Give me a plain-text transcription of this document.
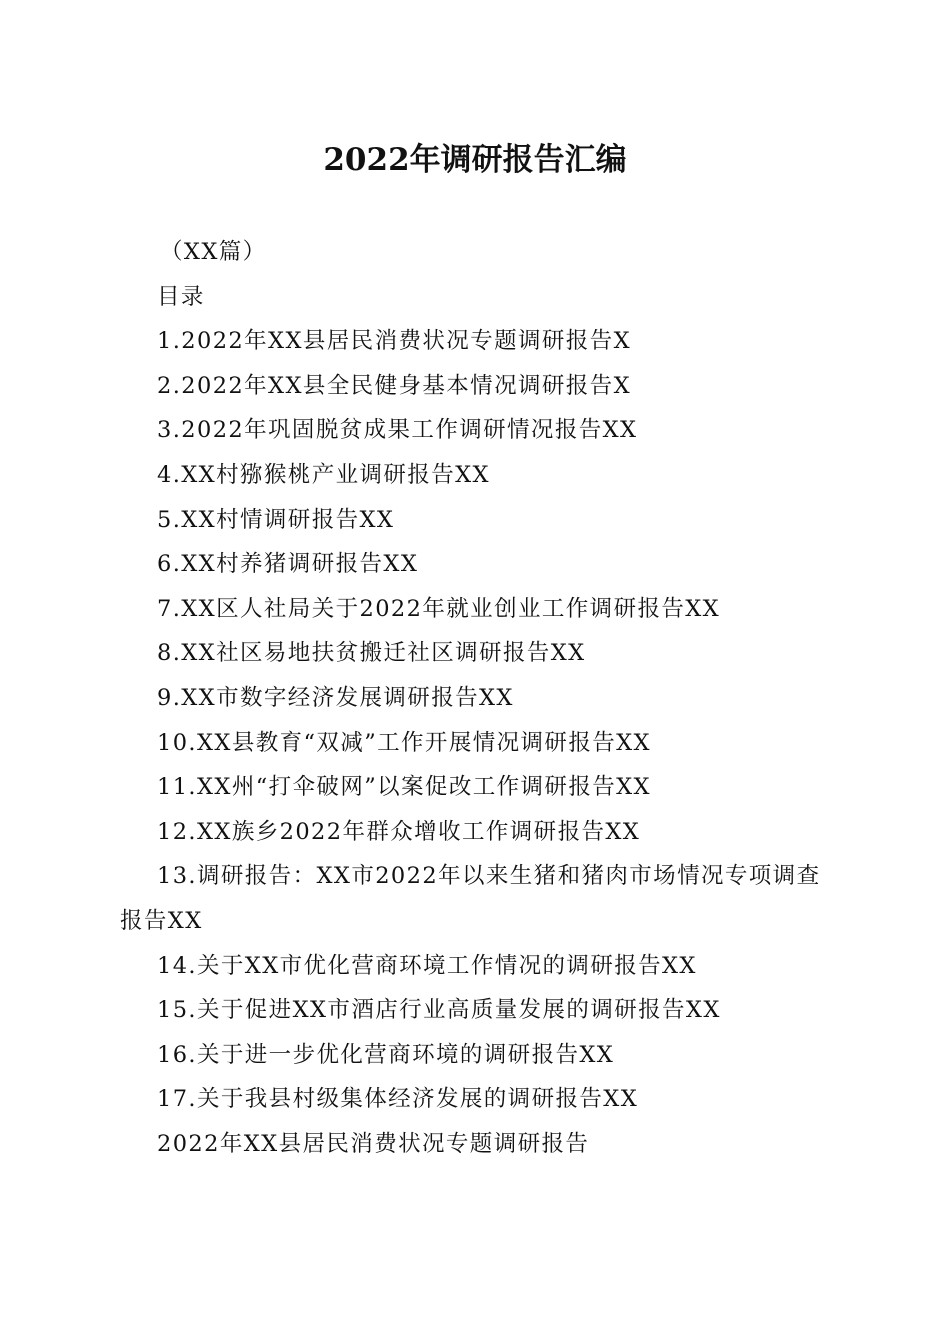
2022年调研报告汇编

（XX篇）

目录

1.2022年XX县居民消费状况专题调研报告X

2.2022年XX县全民健身基本情况调研报告X

3.2022年巩固脱贫成果工作调研情况报告XX

4.XX村猕猴桃产业调研报告XX

5.XX村情调研报告XX

6.XX村养猪调研报告XX

7.XX区人社局关于2022年就业创业工作调研报告XX

8.XX社区易地扶贫搬迁社区调研报告XX

9.XX市数字经济发展调研报告XX

10.XX县教育“双减”工作开展情况调研报告XX

11.XX州“打伞破网”以案促改工作调研报告XX

12.XX族乡2022年群众增收工作调研报告XX

13.调研报告：XX市2022年以来生猪和猪肉市场情况专项调查报告XX

14.关于XX市优化营商环境工作情况的调研报告XX

15.关于促进XX市酒店行业高质量发展的调研报告XX

16.关于进一步优化营商环境的调研报告XX

17.关于我县村级集体经济发展的调研报告XX

2022年XX县居民消费状况专题调研报告
